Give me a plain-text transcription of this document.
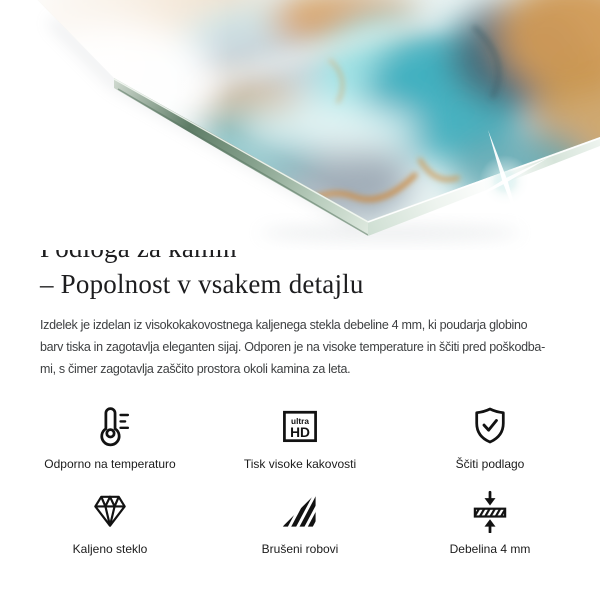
– Popolnost v vsakem detajlu

Izdelek je izdelan iz visokokakovostnega kaljenega stekla debeline 4 mm, ki poudarja globino
barv tiska in zagotavlja eleganten sijaj. Odporen je na visoke temperature in ščiti pred poškodba-
mi, s čimer zagotavlja zaščito prostora okoli kamina za leta.

Odporno na temperaturo
ultra
HD
Tisk visoke kakovosti	Ščiti podlago
Kaljeno steklo	Brušeni robovi	Debelina 4 mm
